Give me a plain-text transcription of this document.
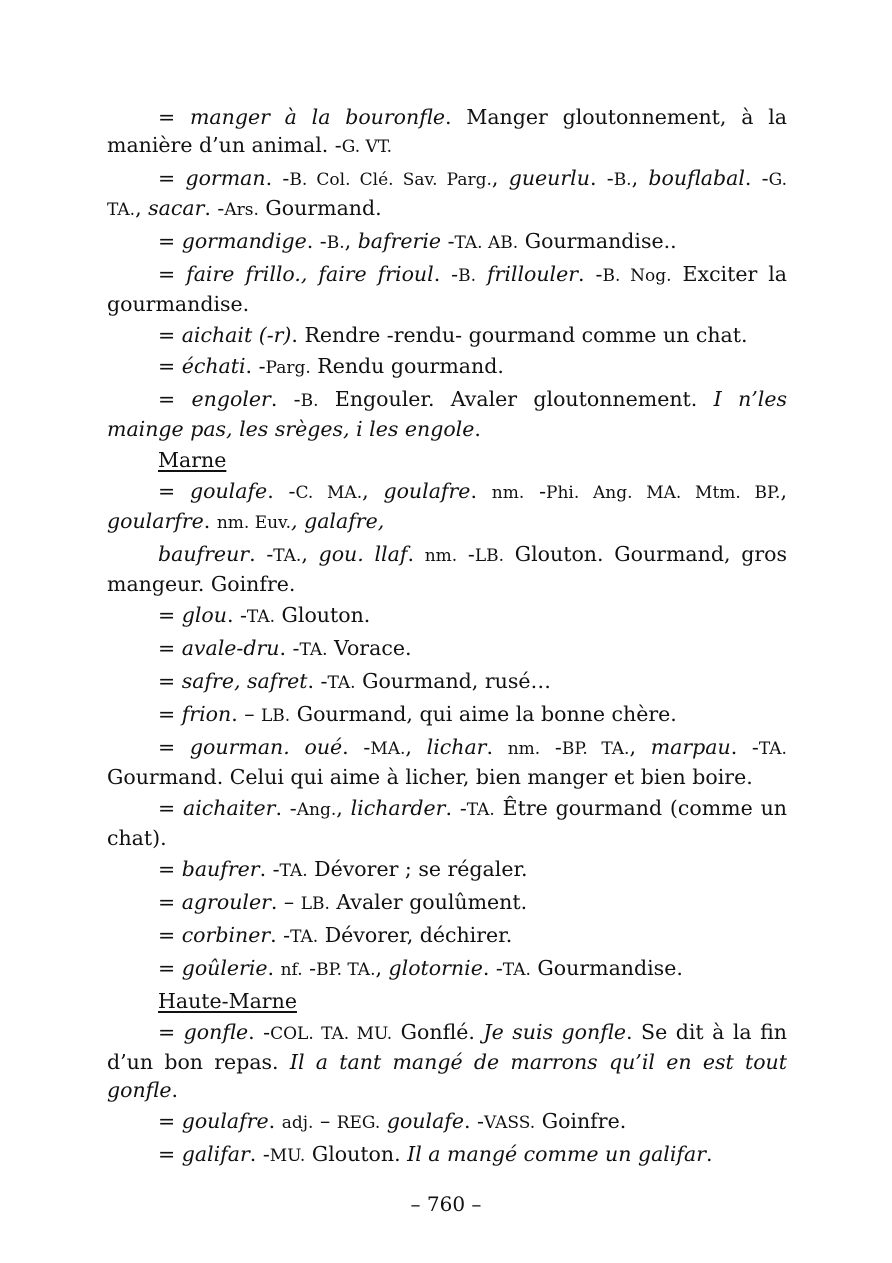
= manger à la bouronfle. Manger gloutonnement, à la manière d’un animal. -G. VT.

= gorman. -B. Col. Clé. Sav. Parg., gueurlu. -B., bouflabal. -G. TA., sacar. -Ars. Gourmand.

= gormandige. -B., bafrerie -TA. AB. Gourmandise..

= faire frillo., faire frioul. -B. frillouler. -B. Nog. Exciter la gourmandise.

= aichait (-r). Rendre -rendu- gourmand comme un chat.

= échati. -Parg. Rendu gourmand.

= engoler. -B. Engouler. Avaler gloutonnement. I n’les mainge pas, les srèges, i les engole.

Marne

= goulafe. -C. MA., goulafre. nm. -Phi. Ang. MA. Mtm. BP., goularfre. nm. Euv., galafre,

baufreur. -TA., gou. llaf. nm. -LB. Glouton. Gourmand, gros mangeur. Goinfre.

= glou. -TA. Glouton.

= avale-dru. -TA. Vorace.

= safre, safret. -TA. Gourmand, rusé…

= frion. – LB. Gourmand, qui aime la bonne chère.

= gourman. oué. -MA., lichar. nm. -BP. TA., marpau. -TA. Gourmand. Celui qui aime à licher, bien manger et bien boire.

= aichaiter. -Ang., licharder. -TA. Être gourmand (comme un chat).

= baufrer. -TA. Dévorer ; se régaler.

= agrouler. – LB. Avaler goulûment.

= corbiner. -TA. Dévorer, déchirer.

= goûlerie. nf. -BP. TA., glotornie. -TA. Gourmandise.

Haute-Marne

= gonfle. -COL. TA. MU. Gonflé. Je suis gonfle. Se dit à la fin d’un bon repas. Il a tant mangé de marrons qu’il en est tout gonfle.

= goulafre. adj. – REG. goulafe. -VASS. Goinfre.

= galifar. -MU. Glouton. Il a mangé comme un galifar.

– 760 –
